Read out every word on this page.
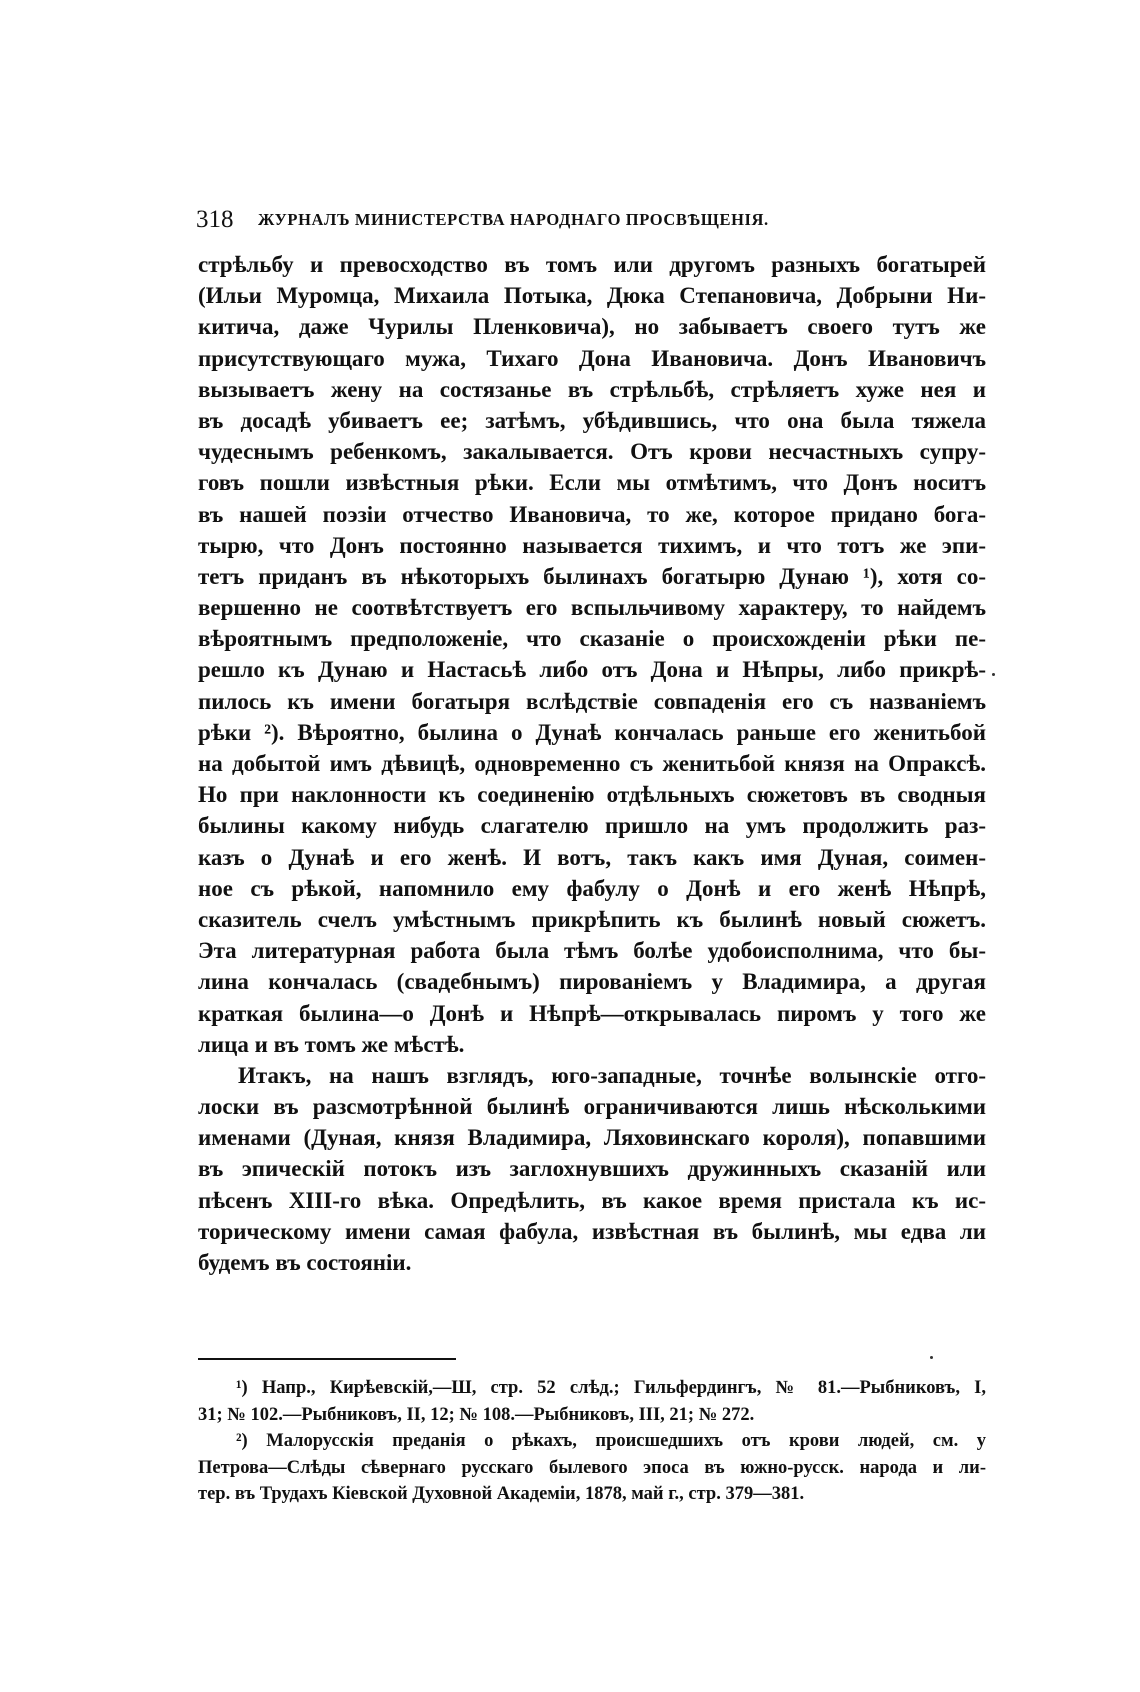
318 ЖУРНАЛЪ МИНИСТЕРСТВА НАРОДНАГО ПРОСВѢЩЕНІЯ.
стрѣльбу и превосходство въ томъ или другомъ разныхъ богатырей
(Ильи Муромца, Михаила Потыка, Дюка Степановича, Добрыни Ни-
китича, даже Чурилы Пленковича), но забываетъ своего тутъ же
присутствующаго мужа, Тихаго Дона Ивановича. Донъ Ивановичъ
вызываетъ жену на состязанье въ стрѣльбѣ, стрѣляетъ хуже нея и
въ досадѣ убиваетъ ее; затѣмъ, убѣдившись, что она была тяжела
чудеснымъ ребенкомъ, закалывается. Отъ крови несчастныхъ супру-
говъ пошли извѣстныя рѣки. Если мы отмѣтимъ, что Донъ носитъ
въ нашей поэзіи отчество Ивановича, то же, которое придано бога-
тырю, что Донъ постоянно называется тихимъ, и что тотъ же эпи-
тетъ приданъ въ нѣкоторыхъ былинахъ богатырю Дунаю ¹), хотя со-
вершенно не соотвѣтствуетъ его вспыльчивому характеру, то найдемъ
вѣроятнымъ предположеніе, что сказаніе о происхожденіи рѣки пе-
решло къ Дунаю и Настасьѣ либо отъ Дона и Нѣпры, либо прикрѣ-
пилось къ имени богатыря вслѣдствіе совпаденія его съ названіемъ
рѣки ²). Вѣроятно, былина о Дунаѣ кончалась раньше его женитьбой
на добытой имъ дѣвицѣ, одновременно съ женитьбой князя на Опраксѣ.
Но при наклонности къ соединенію отдѣльныхъ сюжетовъ въ сводныя
былины какому нибудь слагателю пришло на умъ продолжить раз-
казъ о Дунаѣ и его женѣ. И вотъ, такъ какъ имя Дуная, соимен-
ное съ рѣкой, напомнило ему фабулу о Донѣ и его женѣ Нѣпрѣ,
сказитель счелъ умѣстнымъ прикрѣпить къ былинѣ новый сюжетъ.
Эта литературная работа была тѣмъ болѣе удобоисполнима, что бы-
лина кончалась (свадебнымъ) пированіемъ у Владимира, а другая
краткая былина—о Донѣ и Нѣпрѣ—открывалась пиромъ у того же
лица и въ томъ же мѣстѣ.
Итакъ, на нашъ взглядъ, юго-западные, точнѣе волынскіе отго-
лоски въ разсмотрѣнной былинѣ ограничиваются лишь нѣсколькими
именами (Дуная, князя Владимира, Ляховинскаго короля), попавшими
въ эпическій потокъ изъ заглохнувшихъ дружинныхъ сказаній или
пѣсенъ XIII-го вѣка. Опредѣлить, въ какое время пристала къ ис-
торическому имени самая фабула, извѣстная въ былинѣ, мы едва ли
будемъ въ состояніи.
¹) Напр., Кирѣевскій,—Ш, стр. 52 слѣд.; Гильфердингъ, № 81.—Рыбниковъ, I,
31; № 102.—Рыбниковъ, II, 12; № 108.—Рыбниковъ, III, 21; № 272.
²) Малорусскія преданія о рѣкахъ, происшедшихъ отъ крови людей, см. у
Петрова—Слѣды сѣвернаго русскаго былевого эпоса въ южно-русск. народа и ли-
тер. въ Трудахъ Кіевской Духовной Академіи, 1878, май г., стр. 379—381.
